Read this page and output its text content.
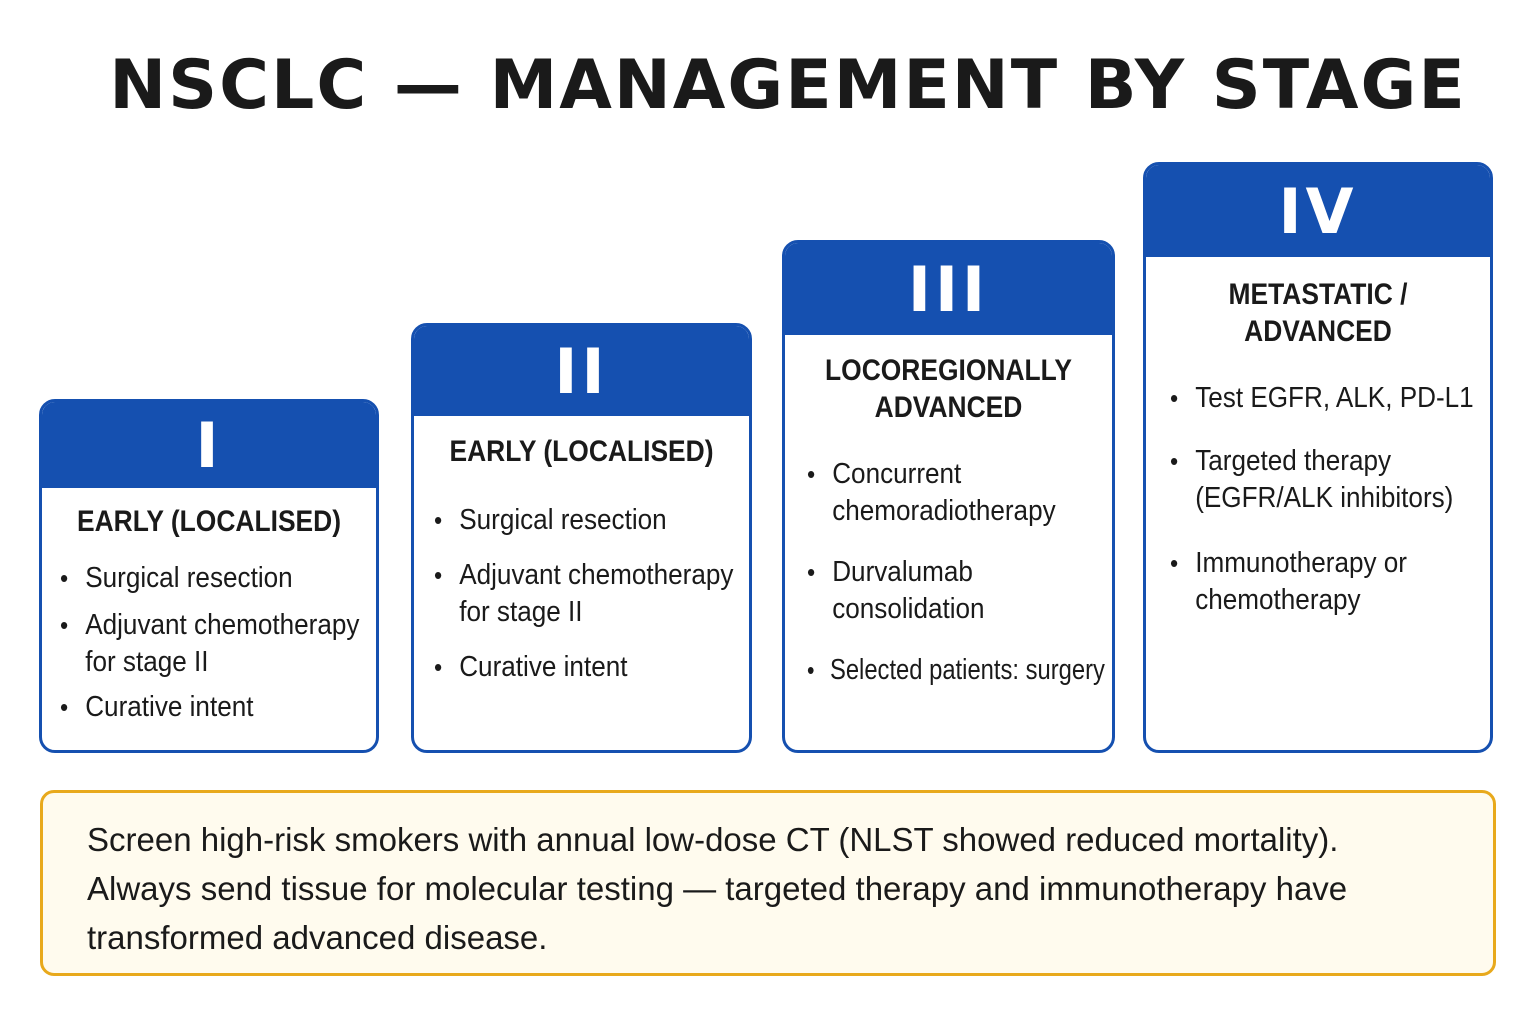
NSCLC — MANAGEMENT BY STAGE
I
EARLY (LOCALISED)
• Surgical resection
• Adjuvant chemotherapy
for stage II
• Curative intent
II
EARLY (LOCALISED)
• Surgical resection
• Adjuvant chemotherapy
for stage II
• Curative intent
III
LOCOREGIONALLY
ADVANCED
• Concurrent
chemoradiotherapy
• Durvalumab
consolidation
• Selected patients: surgery
IV
METASTATIC /
ADVANCED
• Test EGFR, ALK, PD-L1
• Targeted therapy
(EGFR/ALK inhibitors)
• Immunotherapy or
chemotherapy

Screen high-risk smokers with annual low-dose CT (NLST showed reduced mortality).

Always send tissue for molecular testing — targeted therapy and immunotherapy have

transformed advanced disease.
